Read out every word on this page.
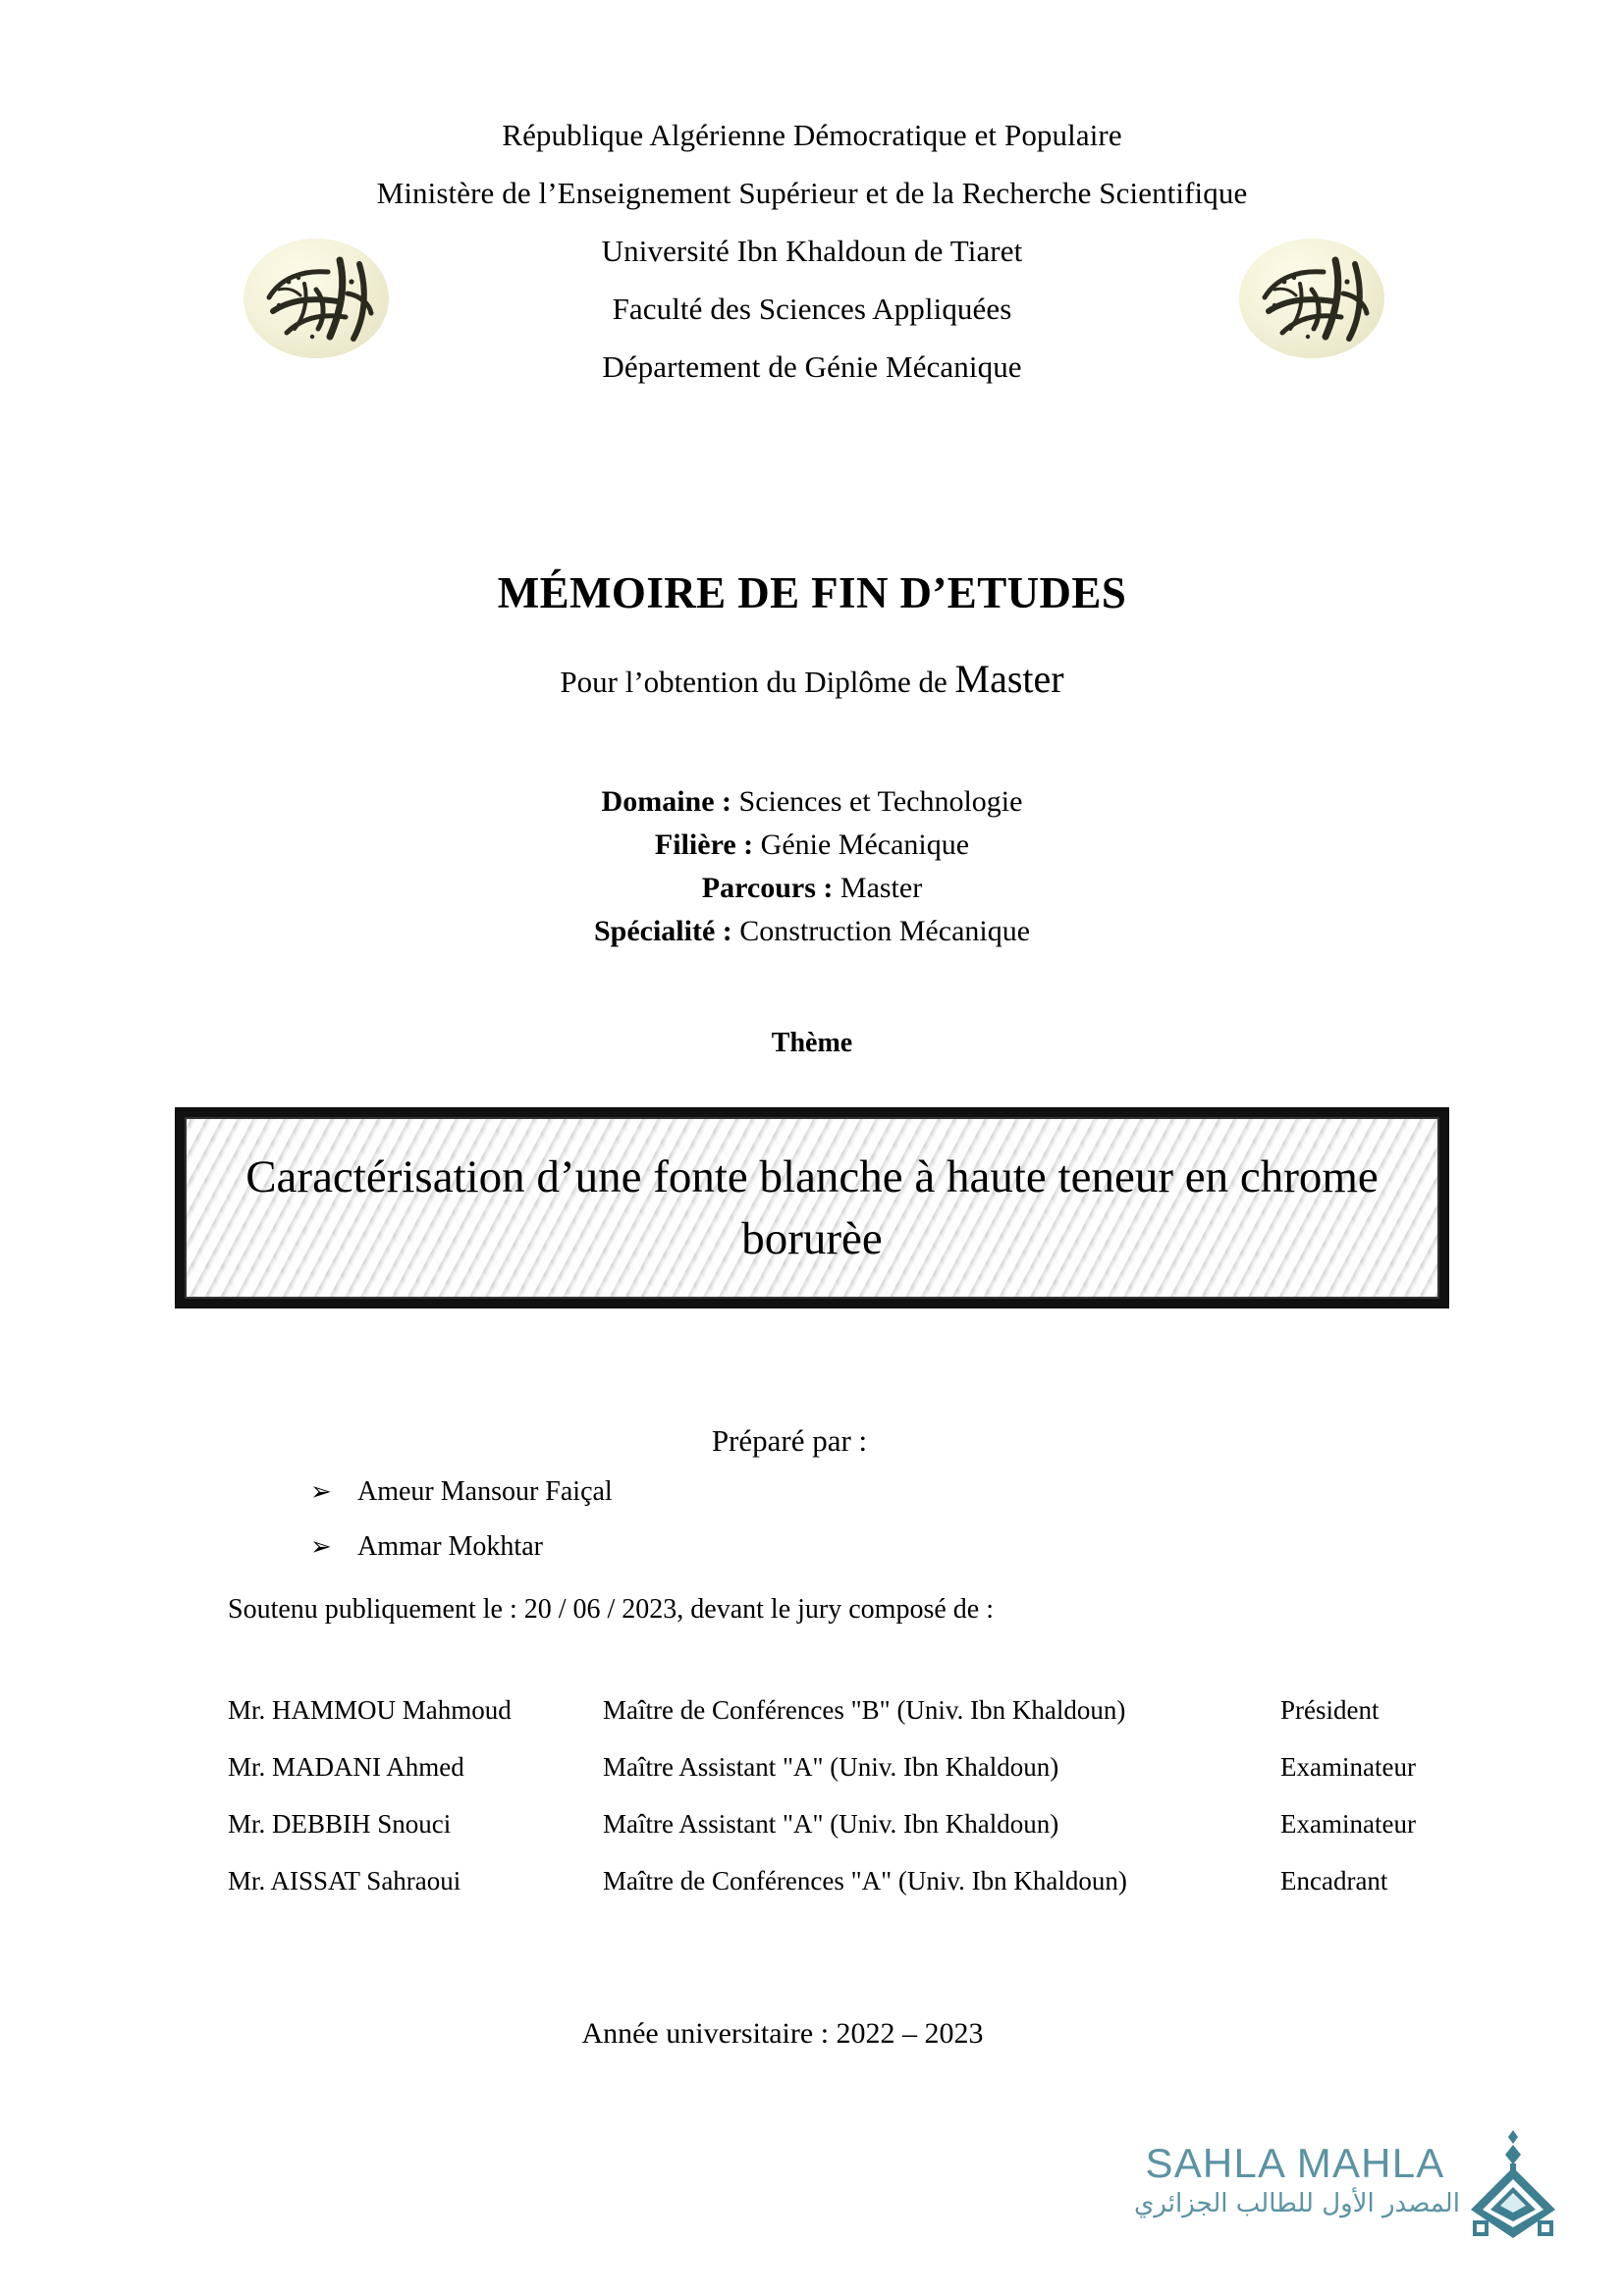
République Algérienne Démocratique et Populaire
Ministère de l’Enseignement Supérieur et de la Recherche Scientifique
Université Ibn Khaldoun de Tiaret
Faculté des Sciences Appliquées
Département de Génie Mécanique
MÉMOIRE DE FIN D’ETUDES
Pour l’obtention du Diplôme de Master
Domaine : Sciences et Technologie
Filière : Génie Mécanique
Parcours : Master
Spécialité : Construction Mécanique
Thème
Caractérisation d’une fonte blanche à haute teneur en chrome borurèe
Préparé par :
➢ Ameur Mansour Faiçal
➢ Ammar Mokhtar
Soutenu publiquement le : 20 / 06 / 2023, devant le jury composé de :
Mr. HAMMOU Mahmoud	Maître de Conférences "B" (Univ. Ibn Khaldoun)	Président
Mr. MADANI Ahmed	Maître Assistant "A" (Univ. Ibn Khaldoun)	Examinateur
Mr. DEBBIH Snouci	Maître Assistant "A" (Univ. Ibn Khaldoun)	Examinateur
Mr. AISSAT Sahraoui	Maître de Conférences "A" (Univ. Ibn Khaldoun)	Encadrant
Année universitaire : 2022 – 2023
SAHLA MAHLA
المصدر الأول للطالب الجزائري
